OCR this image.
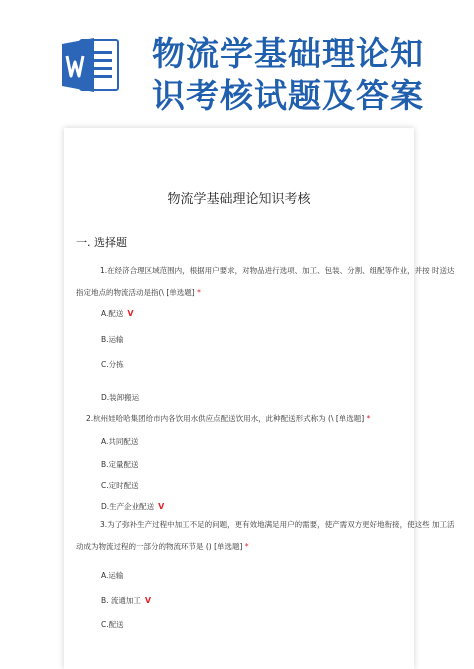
物流学基础理论知
识考核试题及答案
物流学基础理论知识考核
一. 选择题
1.在经济合理区域范围内，根据用户要求，对物品进行选项、加工、包装、分割、组配等作业，并按 时送达
指定地点的物流活动是指(\ [单选题] *
A.配送 V
B.运输
C.分拣
D.装卸搬运
2.杭州娃哈哈集团给市内各饮用水供应点配送饮用水，此种配送形式称为 (\ [单选题] *
A.共同配送
B.定量配送
C.定时配送
D.生产企业配送 V
3.为了弥补生产过程中加工不足的问题，更有效地满足用户的需要，使产需双方更好地衔接，使这些 加工活
动成为物流过程的一部分的物流环节是 () [单选题] *
A.运输
B. 流通加工 V
C.配送
